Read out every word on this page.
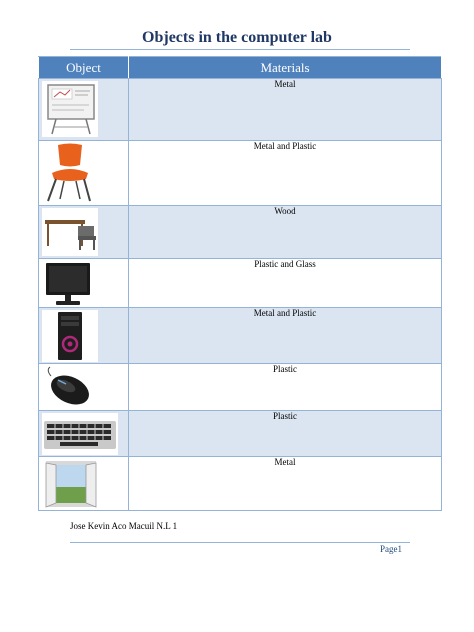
Objects in the computer lab
Object	Materials

	Metal

	Metal and Plastic

	Wood

	Plastic and Glass

	Metal and Plastic

	Plastic

	Plastic

	Metal
Jose Kevin Aco Macuil N.L 1
Page1
